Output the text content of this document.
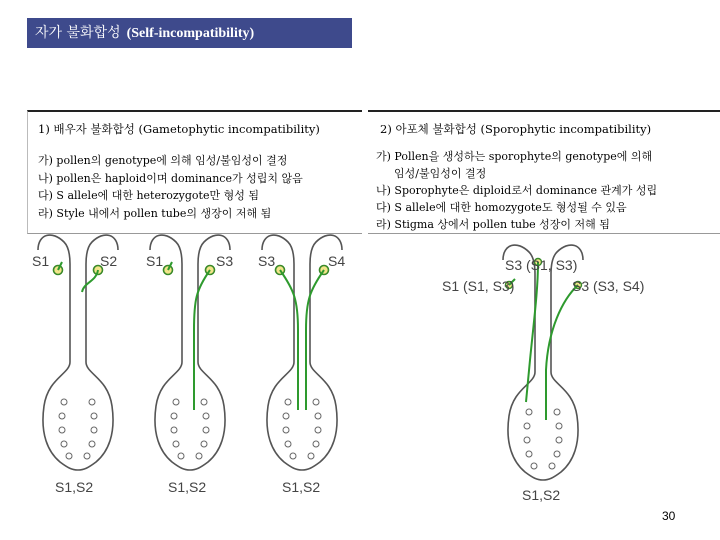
자가 불화합성 (Self-incompatibility)
1) 배우자 불화합성 (Gametophytic incompatibility)
가) pollen의 genotype에 의해 임성/불임성이 결정
나) pollen은 haploid이며 dominance가 성립치 않음
다) S allele에 대한 heterozygote만 형성 됨
라) Style 내에서 pollen tube의 생장이 저해 됨
2) 아포체 불화합성 (Sporophytic incompatibility)
가) Pollen을 생성하는 sporophyte의 genotype에 의해
임성/불임성이 결정
나) Sporophyte은 diploid로서 dominance 관계가 성립
다) S allele에 대한 homozygote도 형성될 수 있음
라) Stigma 상에서 pollen tube 성장이 저해 됨
S1	S2
S1,S2
S1	S3
S1,S2
S3	S4
S1,S2
S3 (S1, S3)
S1 (S1, S3)	S3 (S3, S4)
S1,S2
30
